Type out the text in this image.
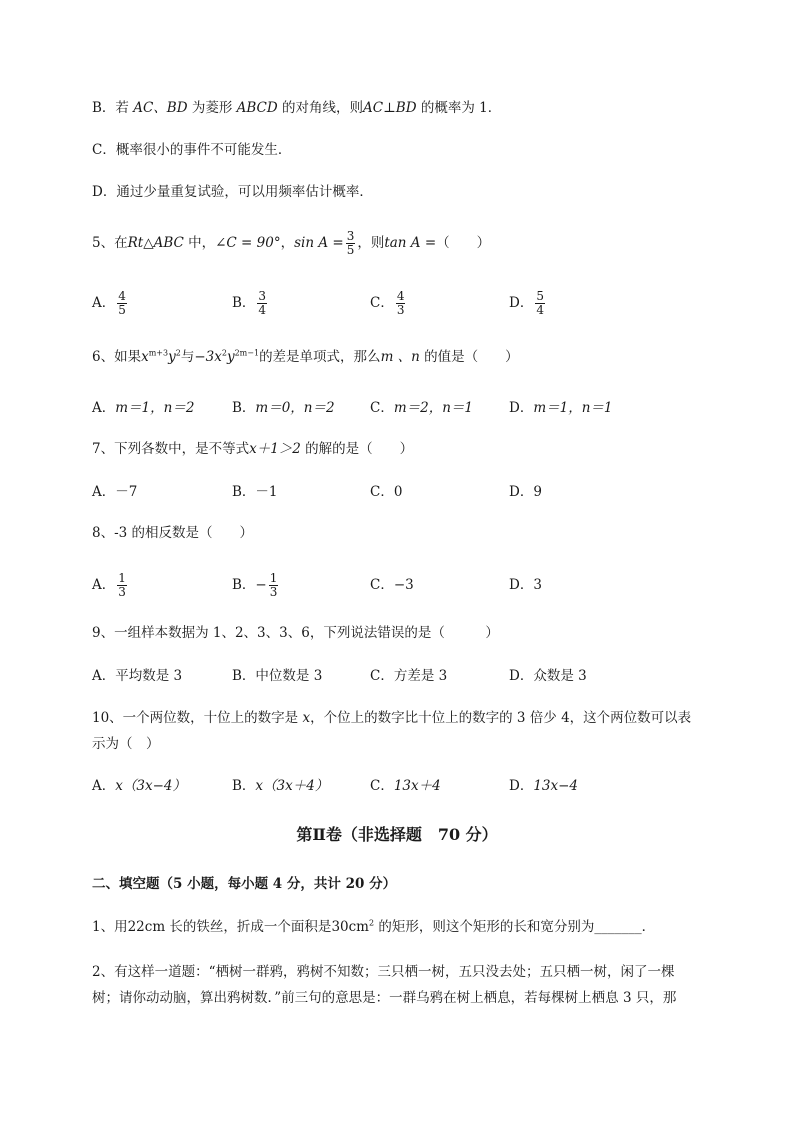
B．若 AC、BD 为菱形 ABCD 的对角线，则AC⊥BD 的概率为 1．
C．概率很小的事件不可能发生．
D．通过少量重复试验，可以用频率估计概率．
5、在Rt△ABC 中，∠C = 90°，$\sin A = \frac{3}{5}$ ，则tan A =（　　）
A． $\frac{4}{5}$	B． $\frac{3}{4}$	C． $\frac{4}{3}$	D． $\frac{5}{4}$
6、如果$x^{m+3}y^2$与$-3x^2y^{2m-1}$的差是单项式，那么m 、n 的值是（　　）
A．m＝1，n＝2	B．m＝0，n＝2	C．m＝2，n＝1	D．m＝1，n＝1
7、下列各数中，是不等式x＋1＞2 的解的是（　　）
A．－7	B．－1	C．0	D．9
8、-3 的相反数是（　　）
A． $\frac{1}{3}$	B．− $\frac{1}{3}$	C．−3	D．3
9、一组样本数据为 1、2、3、3、6，下列说法错误的是（　　　）
A．平均数是 3	B．中位数是 3	C．方差是 3	D．众数是 3
10、一个两位数，十位上的数字是 x，个位上的数字比十位上的数字的 3 倍少 4，这个两位数可以表
示为（　）
A．x（3x−4）	B．x（3x＋4）	C．13x＋4	D．13x−4
第Ⅱ卷（非选择题　70 分）
二、填空题（5 小题，每小题 4 分，共计 20 分）
1、用22cm 长的铁丝，折成一个面积是$30cm^2$ 的矩形，则这个矩形的长和宽分别为_______．
2、有这样一道题：“栖树一群鸦，鸦树不知数；三只栖一树，五只没去处；五只栖一树，闲了一棵
树；请你动动脑，算出鸦树数．”前三句的意思是：一群乌鸦在树上栖息，若每棵树上栖息 3 只，那
